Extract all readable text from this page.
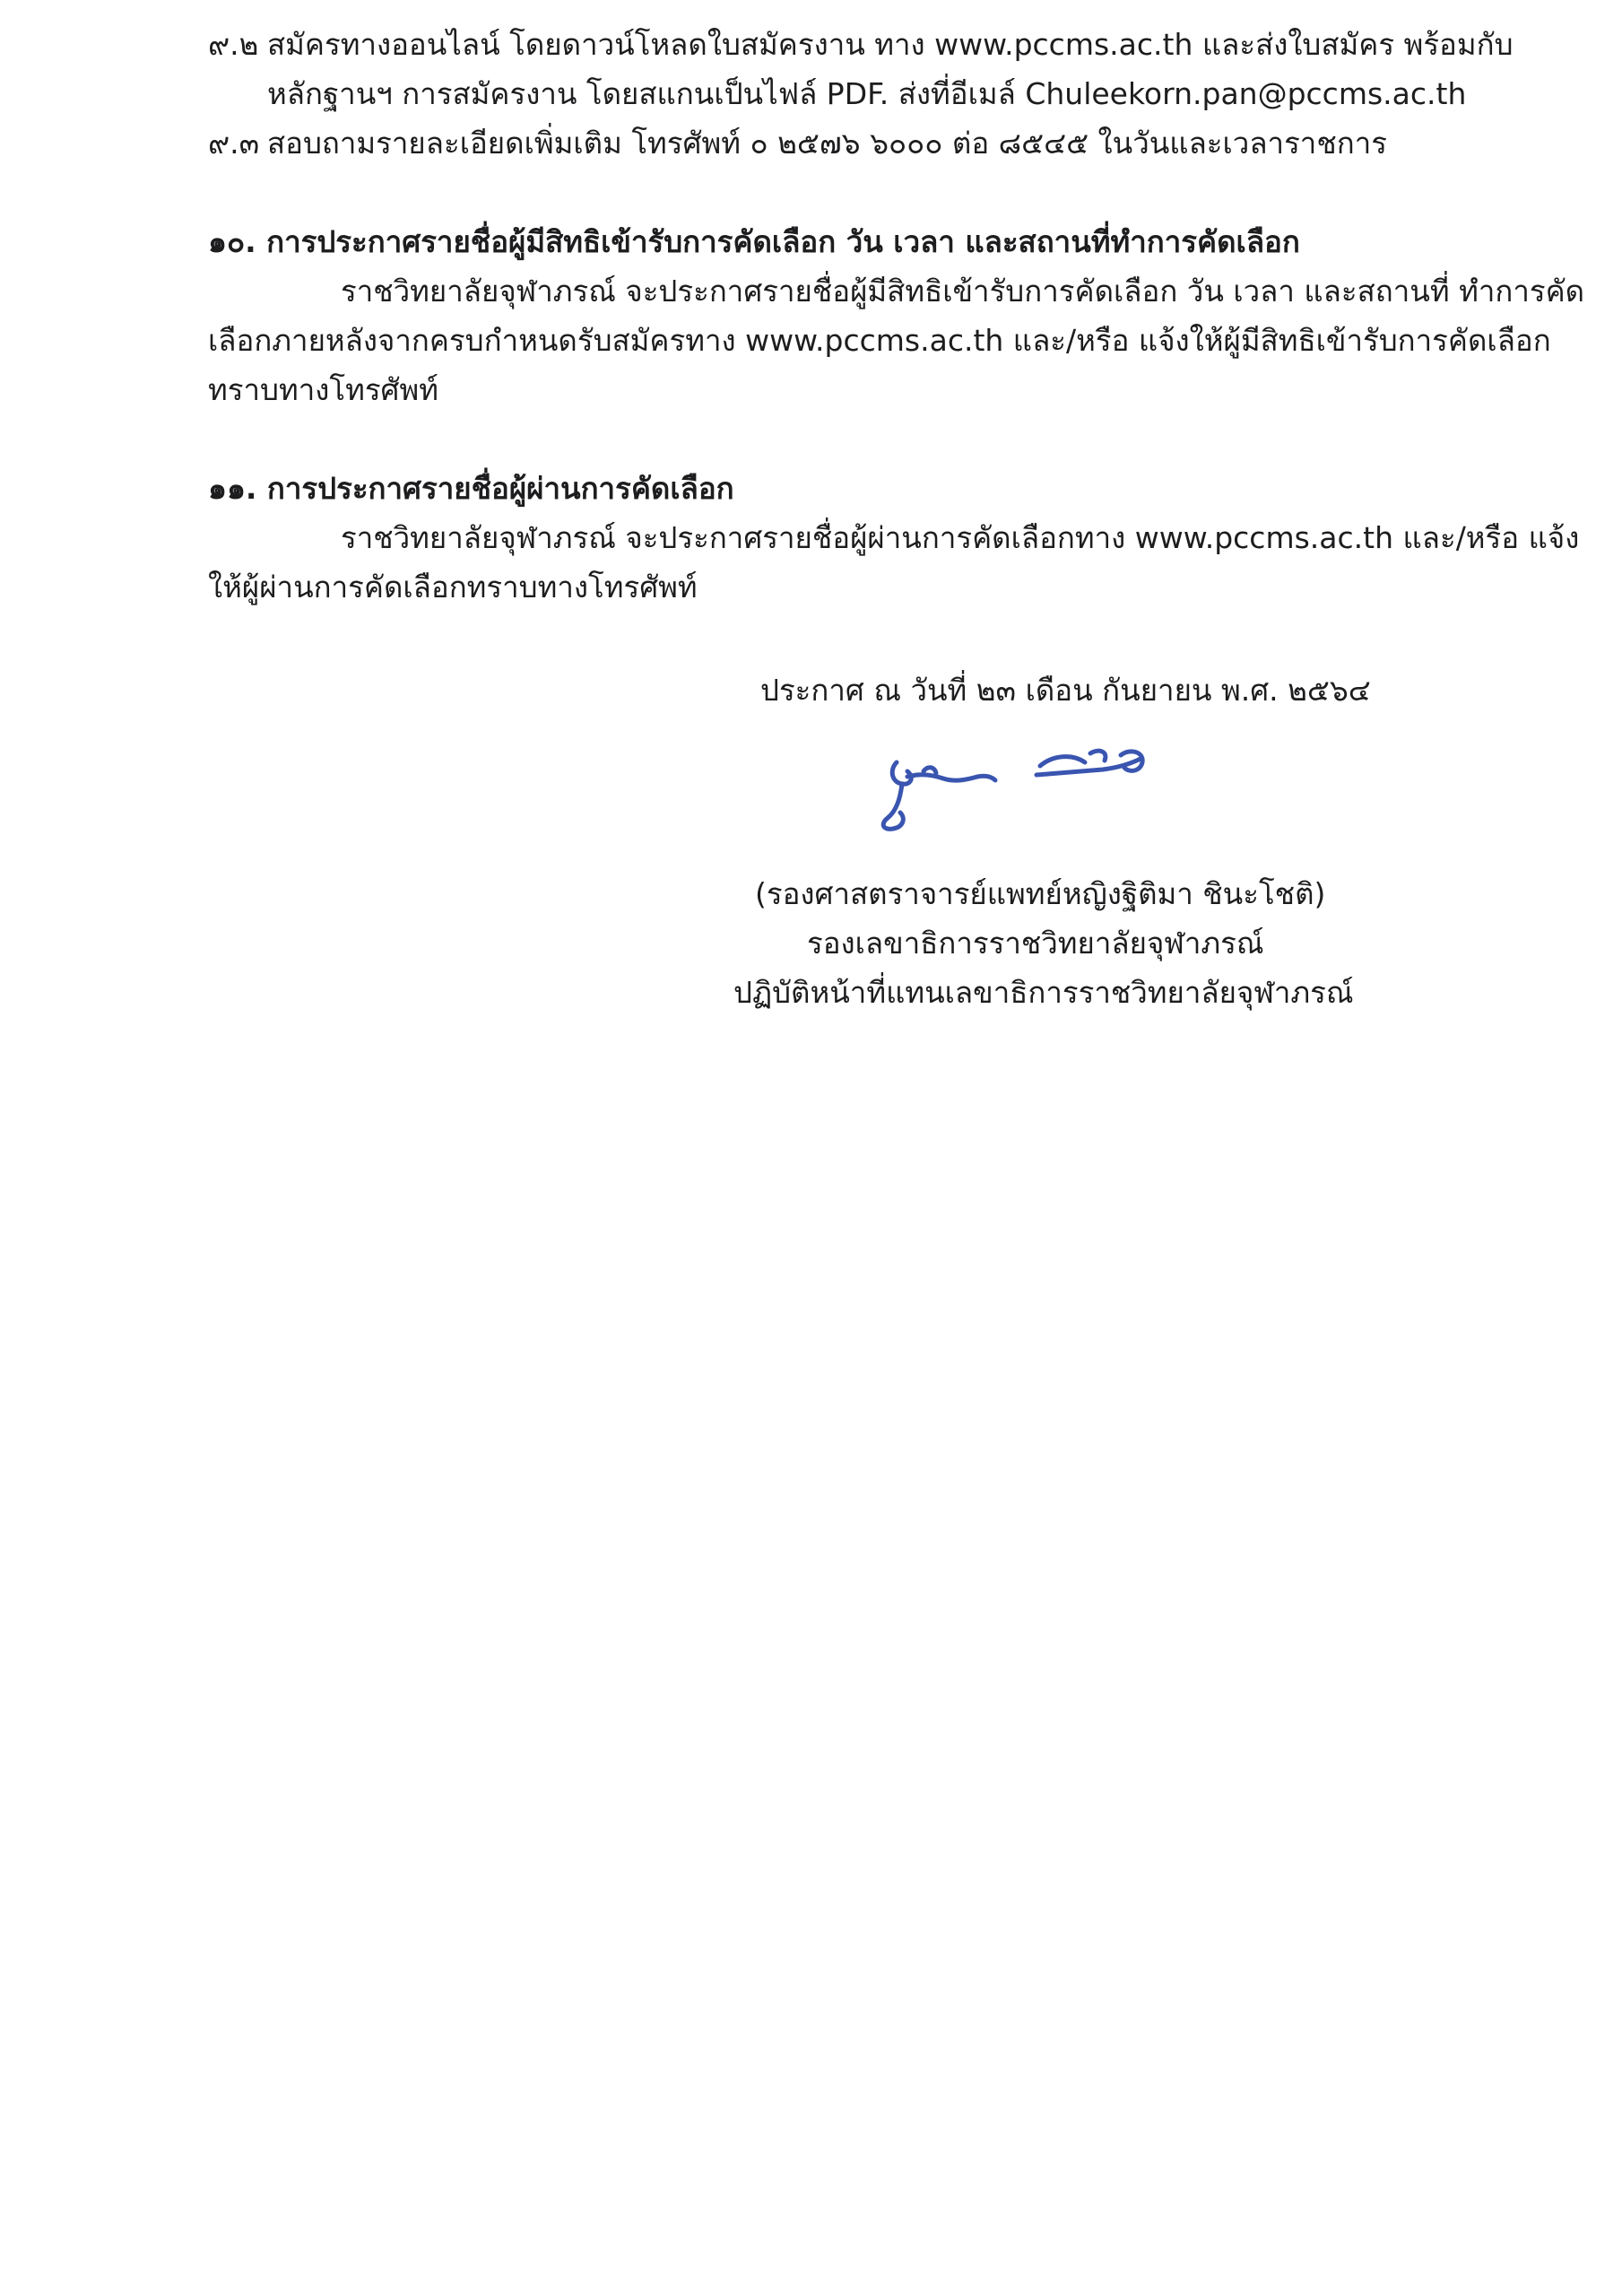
๙.๒ สมัครทางออนไลน์ โดยดาวน์โหลดใบสมัครงาน ทาง www.pccms.ac.th และส่งใบสมัคร พร้อมกับ
หลักฐานฯ การสมัครงาน โดยสแกนเป็นไฟล์ PDF. ส่งที่อีเมล์ Chuleekorn.pan@pccms.ac.th
๙.๓ สอบถามรายละเอียดเพิ่มเติม โทรศัพท์ ๐ ๒๕๗๖ ๖๐๐๐ ต่อ ๘๕๔๕ ในวันและเวลาราชการ
๑๐. การประกาศรายชื่อผู้มีสิทธิเข้ารับการคัดเลือก วัน เวลา และสถานที่ทำการคัดเลือก
ราชวิทยาลัยจุฬาภรณ์ จะประกาศรายชื่อผู้มีสิทธิเข้ารับการคัดเลือก วัน เวลา และสถานที่ ทำการคัด
เลือกภายหลังจากครบกำหนดรับสมัครทาง www.pccms.ac.th และ/หรือ แจ้งให้ผู้มีสิทธิเข้ารับการคัดเลือก
ทราบทางโทรศัพท์
๑๑. การประกาศรายชื่อผู้ผ่านการคัดเลือก
ราชวิทยาลัยจุฬาภรณ์ จะประกาศรายชื่อผู้ผ่านการคัดเลือกทาง www.pccms.ac.th และ/หรือ แจ้ง
ให้ผู้ผ่านการคัดเลือกทราบทางโทรศัพท์
ประกาศ ณ วันที่ ๒๓ เดือน กันยายน พ.ศ. ๒๕๖๔
(รองศาสตราจารย์แพทย์หญิงฐิติมา ชินะโชติ)
รองเลขาธิการราชวิทยาลัยจุฬาภรณ์
ปฏิบัติหน้าที่แทนเลขาธิการราชวิทยาลัยจุฬาภรณ์
